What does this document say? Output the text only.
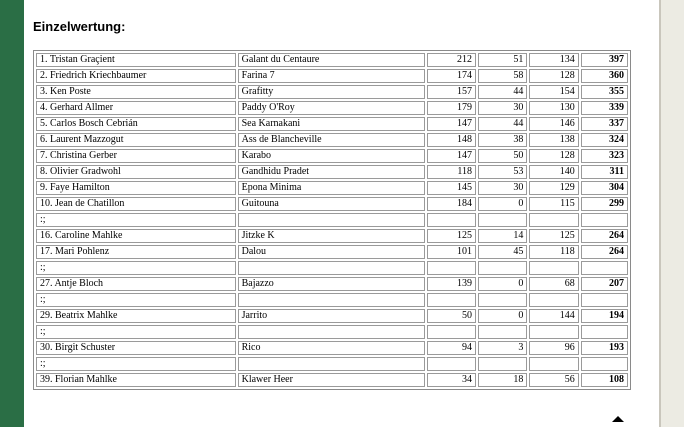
Einzelwertung:
1. Tristan Graçient	Galant du Centaure	212	51	134	397
2. Friedrich Kriechbaumer	Farina 7	174	58	128	360
3. Ken Poste	Grafitty	157	44	154	355
4. Gerhard Allmer	Paddy O'Roy	179	30	130	339
5. Carlos Bosch Cebrián	Sea Karnakani	147	44	146	337
6. Laurent Mazzogut	Ass de Blancheville	148	38	138	324
7. Christina Gerber	Karabo	147	50	128	323
8. Olivier Gradwohl	Gandhidu Pradet	118	53	140	311
9. Faye Hamilton	Epona Minima	145	30	129	304
10. Jean de Chatillon	Guitouna	184	0	115	299
:;					
16. Caroline Mahlke	Jitzke K	125	14	125	264
17. Mari Pohlenz	Dalou	101	45	118	264
:;					
27. Antje Bloch	Bajazzo	139	0	68	207
:;					
29. Beatrix Mahlke	Jarrito	50	0	144	194
:;					
30. Birgit Schuster	Rico	94	3	96	193
:;					
39. Florian Mahlke	Klawer Heer	34	18	56	108
